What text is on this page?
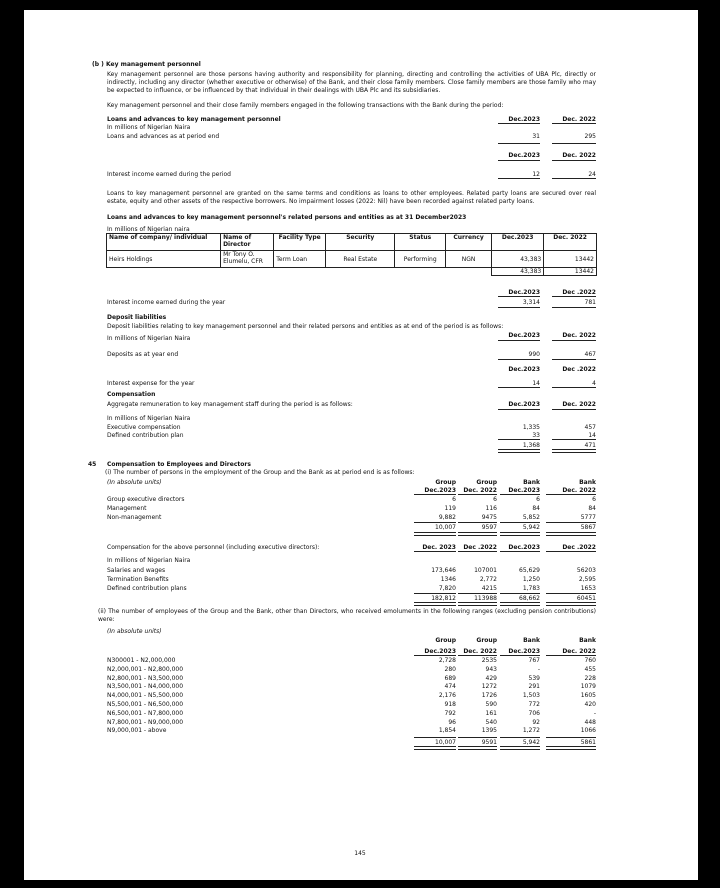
(b ) Key management personnel
Key management personnel are those persons having authority and responsibility for planning, directing and controlling the activities of UBA Plc, directly or indirectly, including any director (whether executive or otherwise) of the Bank, and their close family members. Close family members are those family who may be expected to influence, or be influenced by that individual in their dealings with UBA Plc and its subsidiaries.
Key management personnel and their close family members engaged in the following transactions with the Bank during the period:
Loans and advances to key management personnel	Dec.2023	Dec. 2022
In millions of Nigerian Naira
Loans and advances as at period end	31	295
Dec.2023	Dec. 2022
Interest income earned during the period	12	24
Loans to key management personnel are granted on the same terms and conditions as loans to other employees. Related party loans are secured over real estate, equity and other assets of the respective borrowers. No impairment losses (2022: Nil) have been recorded against related party loans.
Loans and advances to key management personnel's related persons and entities as at 31 December2023
In millions of Nigerian naira
Name of company/ individual	Name of Director	Facility Type	Security	Status	Currency	Dec.2023	Dec. 2022
Heirs Holdings	Mr Tony O. Elumelu, CFR	Term Loan	Real Estate	Performing	NGN	43,383	13442
						43,383	13442
Dec.2023	Dec .2022
Interest income earned during the year	3,314	781
Deposit liabilities
Deposit liabilities relating to key management personnel and their related persons and entities as at end of the period is as follows:
In millions of Nigerian Naira	Dec.2023	Dec. 2022
Deposits as at year end	990	467
Dec.2023	Dec .2022
Interest expense for the year	14	4
Compensation
Aggregate remuneration to key management staff during the period is as follows:	Dec.2023	Dec. 2022
In millions of Nigerian Naira
Executive compensation	1,335	457
Defined contribution plan	33	14
1,368	471
45 Compensation to Employees and Directors
(i) The number of persons in the employment of the Group and the Bank as at period end is as follows:
(In absolute units)	Group	Group	Bank	Bank
Dec.2023	Dec. 2022	Dec.2023	Dec. 2022
Group executive directors	6	6	6	6
Management	119	116	84	84
Non-management	9,882	9475	5,852	5777
10,007	9597	5,942	5867
Compensation for the above personnel (including executive directors):	Dec. 2023	Dec .2022	Dec.2023	Dec .2022
In millions of Nigerian Naira
Salaries and wages	173,646	107001	65,629	56203
Termination Benefits	1346	2,772	1,250	2,595
Defined contribution plans	7,820	4215	1,783	1653
182,812	113988	68,662	60451
(ii) The number of employees of the Group and the Bank, other than Directors, who received emoluments in the following ranges (excluding pension contributions) were:
(In absolute units)
Group	Group	Bank	Bank
Dec.2023	Dec. 2022	Dec.2023	Dec. 2022
N300001 - N2,000,000	2,728	2535	767	760
N2,000,001 - N2,800,000	280	943	-	455
N2,800,001 - N3,500,000	689	429	539	228
N3,500,001 - N4,000,000	474	1272	291	1079
N4,000,001 - N5,500,000	2,176	1726	1,503	1605
N5,500,001 - N6,500,000	918	590	772	420
N6,500,001 - N7,800,000	792	161	706	-
N7,800,001 - N9,000,000	96	540	92	448
N9,000,001 - above	1,854	1395	1,272	1066
10,007	9591	5,942	5861
145
